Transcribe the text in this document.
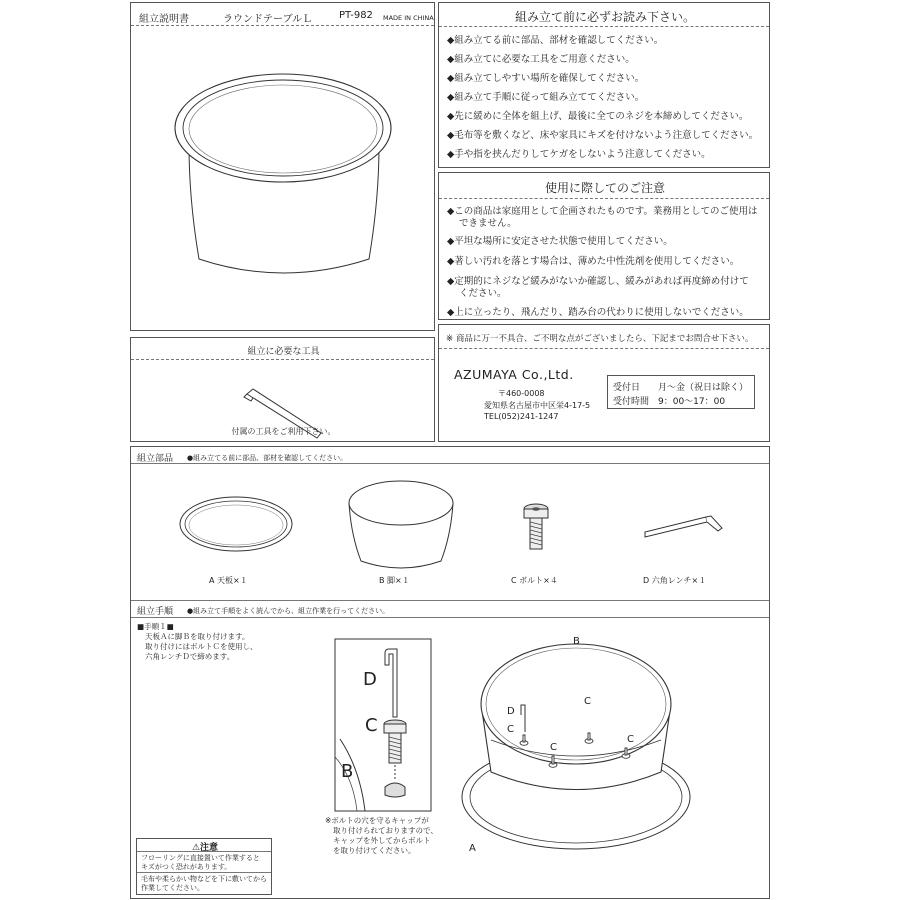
組立説明書	ラウンドテーブルＬ	PT-982 MADE IN CHINA
組立に必要な工具
付属の工具をご利用下さい。
組み立て前に必ずお読み下さい。
◆組み立てる前に部品、部材を確認してください。
◆組み立てに必要な工具をご用意ください。
◆組み立てしやすい場所を確保してください。
◆組み立て手順に従って組み立ててください。
◆先に緩めに全体を組上げ、最後に全てのネジを本締めしてください。
◆毛布等を敷くなど、床や家具にキズを付けないよう注意してください。
◆手や指を挟んだりしてケガをしないよう注意してください。
使用に際してのご注意
◆この商品は家庭用として企画されたものです。業務用としてのご使用は
できません。
◆平坦な場所に安定させた状態で使用してください。
◆著しい汚れを落とす場合は、薄めた中性洗剤を使用してください。
◆定期的にネジなど緩みがないか確認し、緩みがあれば再度締め付けて
ください。
◆上に立ったり、飛んだり、踏み台の代わりに使用しないでください。
※ 商品に万一不具合、ご不明な点がございましたら、下記までお問合せ下さい。
AZUMAYA Co.,Ltd.
〒460-0008
愛知県名古屋市中区栄4-17-5
TEL(052)241-1247
受付日 月～金（祝日は除く）
受付時間 9：00～17：00
組立部品 ●組み立てる前に部品、部材を確認してください。
A 天板×１	B 脚×１	C ボルト×４	D 六角レンチ×１
組立手順 ●組み立て手順をよく読んでから、組立作業を行ってください。
■手順１■
天板Ａに脚Ｂを取り付けます。
取り付けにはボルトＣを使用し、
六角レンチＤで締めます。
D
C
B
※ボルトの穴を守るキャップが
取り付けられておりますので、
キャップを外してからボルト
を取り付けてください。
B
A
D
C
C
C
C
⚠注意
フローリングに直接置いて作業すると
キズがつく恐れがあります。
毛布や柔らかい物などを下に敷いてから
作業してください。
